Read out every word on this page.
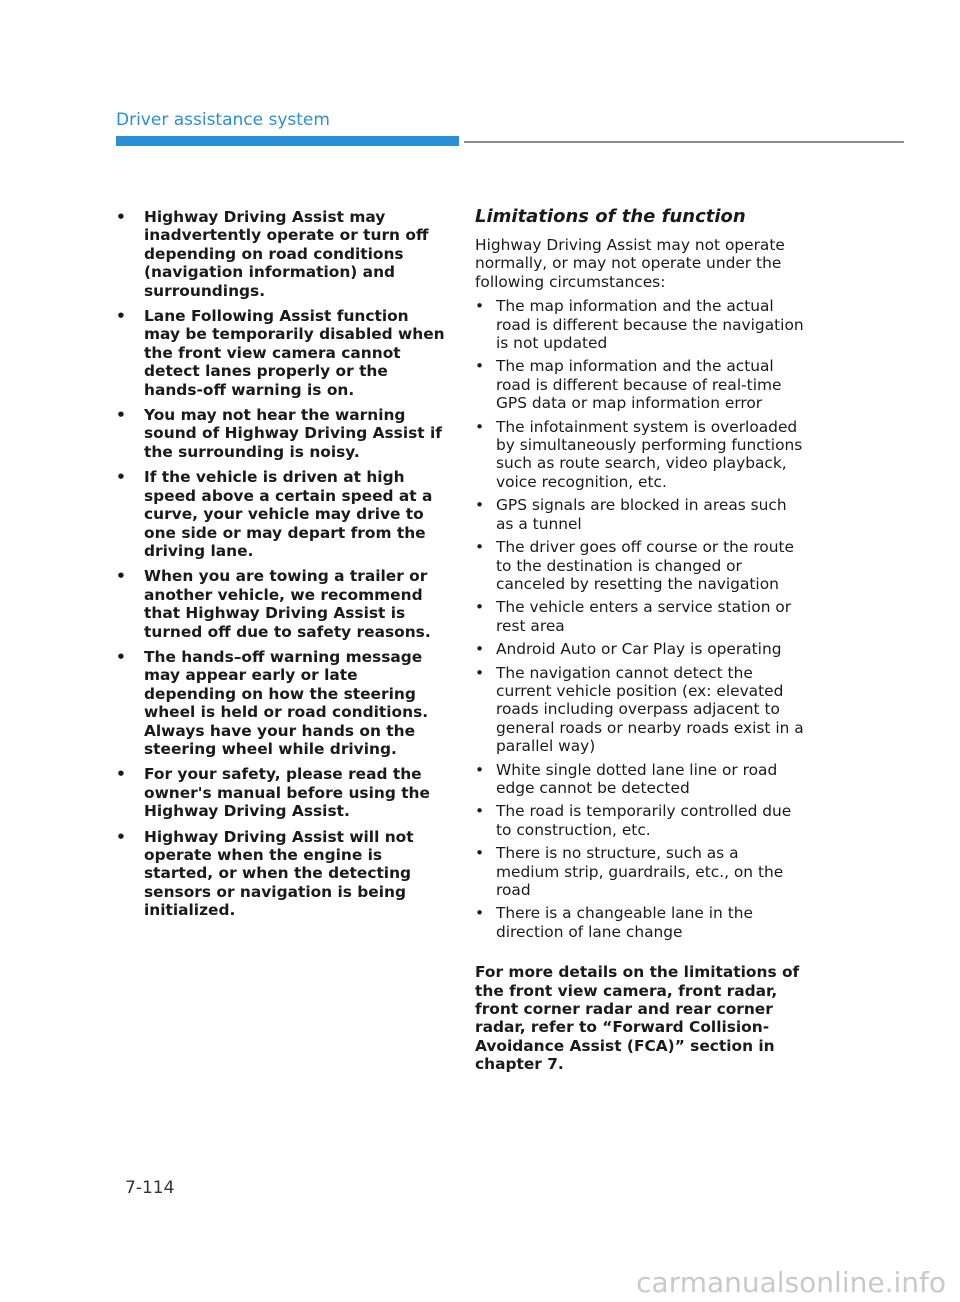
Driver assistance system
• Highway Driving Assist may inadvertently operate or turn off depending on road conditions (navigation information) and surroundings.
• Lane Following Assist function may be temporarily disabled when the front view camera cannot detect lanes properly or the hands-off warning is on.
• You may not hear the warning sound of Highway Driving Assist if the surrounding is noisy.
• If the vehicle is driven at high speed above a certain speed at a curve, your vehicle may drive to one side or may depart from the driving lane.
• When you are towing a trailer or another vehicle, we recommend that Highway Driving Assist is turned off due to safety reasons.
• The hands–off warning message may appear early or late depending on how the steering wheel is held or road conditions. Always have your hands on the steering wheel while driving.
• For your safety, please read the owner's manual before using the Highway Driving Assist.
• Highway Driving Assist will not operate when the engine is started, or when the detecting sensors or navigation is being initialized.
Limitations of the function

Highway Driving Assist may not operate normally, or may not operate under the following circumstances:

• The map information and the actual road is different because the navigation is not updated
• The map information and the actual road is different because of real-time GPS data or map information error
• The infotainment system is overloaded by simultaneously performing functions such as route search, video playback, voice recognition, etc.
• GPS signals are blocked in areas such as a tunnel
• The driver goes off course or the route to the destination is changed or canceled by resetting the navigation
• The vehicle enters a service station or rest area
• Android Auto or Car Play is operating
• The navigation cannot detect the current vehicle position (ex: elevated roads including overpass adjacent to general roads or nearby roads exist in a parallel way)
• White single dotted lane line or road edge cannot be detected
• The road is temporarily controlled due to construction, etc.
• There is no structure, such as a medium strip, guardrails, etc., on the road
• There is a changeable lane in the direction of lane change

For more details on the limitations of the front view camera, front radar, front corner radar and rear corner radar, refer to “Forward Collision-Avoidance Assist (FCA)” section in chapter 7.

7-114
carmanualsonline.info
